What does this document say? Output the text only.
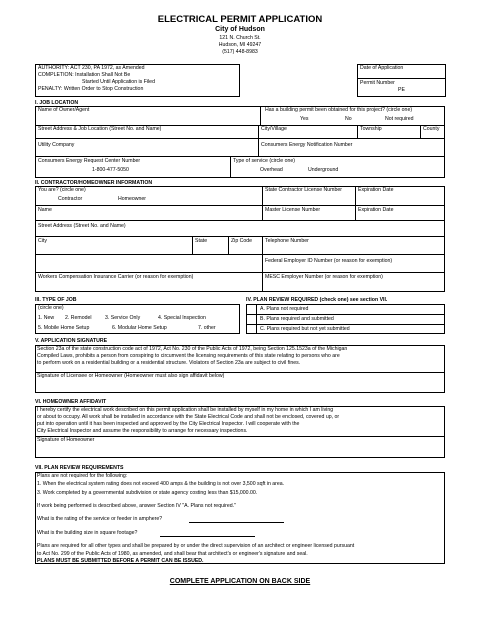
ELECTRICAL PERMIT APPLICATION
City of Hudson
121 N. Church St.
Hudson, MI 49247
(517) 448-8983
AUTHORITY: ACT 230, PA 1972, as Amended
COMPLETION: Installation Shall Not Be
Started Until Application is Filed
PENALTY: Written Order to Stop Construction
Date of Application
Permit Number
PE
I. JOB LOCATION
Name of Owner/Agent	Has a building permit been obtained for this project? (circle one)
Yes	No	Not required
Street Address & Job Location (Street No. and Name)	City/Village	Township	County
Utility Company	Consumers Energy Notification Number
Consumers Energy Request Center Number
1-800-477-5050
Type of service (circle one)
Overhead	Underground
II. CONTRACTOR/HOMEOWNER INFORMATION
You are? (circle one)
Contractor	Homeowner
State Contractor License Number	Expiration Date
Name	Master License Number	Expiration Date
Street Address (Street No. and Name)
City	State	Zip Code Telephone Number
Federal Employer ID Number (or reason for exemption)
Workers Compensation Insurance Carrier (or reason for exemption)	MESC Employer Number (or reason for exemption)
III. TYPE OF JOB
(circle one)
1. New 2. Remodel	3. Service Only	4. Special Inspection
5. Mobile Home Setup	6. Modular Home Setup	7. other
IV. PLAN REVIEW REQUIRED (check one) see section VII.
A. Plans not required
B. Plans required and submitted
C. Plans required but not yet submitted
V. APPLICATION SIGNATURE
Section 23a of the state construction code act of 1972, Act No. 230 of the Public Acts of 1972, being Section 125.1523a of the Michigan
Compiled Laws, prohibits a person from conspiring to circumvent the licensing requirements of this state relating to persons who are
to perform work on a residential building or a residential structure. Violators of Section 23a are subject to civil fines.
Signature of Licensee or Homeowner (Homeowner must also sign affidavit below)
VI. HOMEOWNER AFFIDAVIT
I hereby certify the electrical work described on this permit application shall be installed by myself in my home in which I am living
or about to occupy. All work shall be installed in accordance with the State Electrical Code and shall not be enclosed, covered up, or
put into operation until it has been inspected and approved by the City Electrical Inspector. I will cooperate with the
City Electrical Inspector and assume the responsibility to arrange for necessary inspections.
Signature of Homeowner
VII. PLAN REVIEW REQUIREMENTS
Plans are not required for the following:
1. When the electrical system rating does not exceed 400 amps & the building is not over 3,500 sqft in area.
3. Work completed by a governmental subdivision or state agency costing less than $15,000.00.
If work being performed is described above, answer Section IV "A. Plans not required."
What is the rating of the service or feeder in amphere?
What is the building size in square footage?
Plans are required for all other types and shall be prepared by or under the direct supervision of an architect or engineer licensed pursuant
to Act No. 299 of the Public Acts of 1980, as amended, and shall bear that architect's or engineer's signature and seal.
PLANS MUST BE SUBMITTED BEFORE A PERMIT CAN BE ISSUED.
COMPLETE APPLICATION ON BACK SIDE
